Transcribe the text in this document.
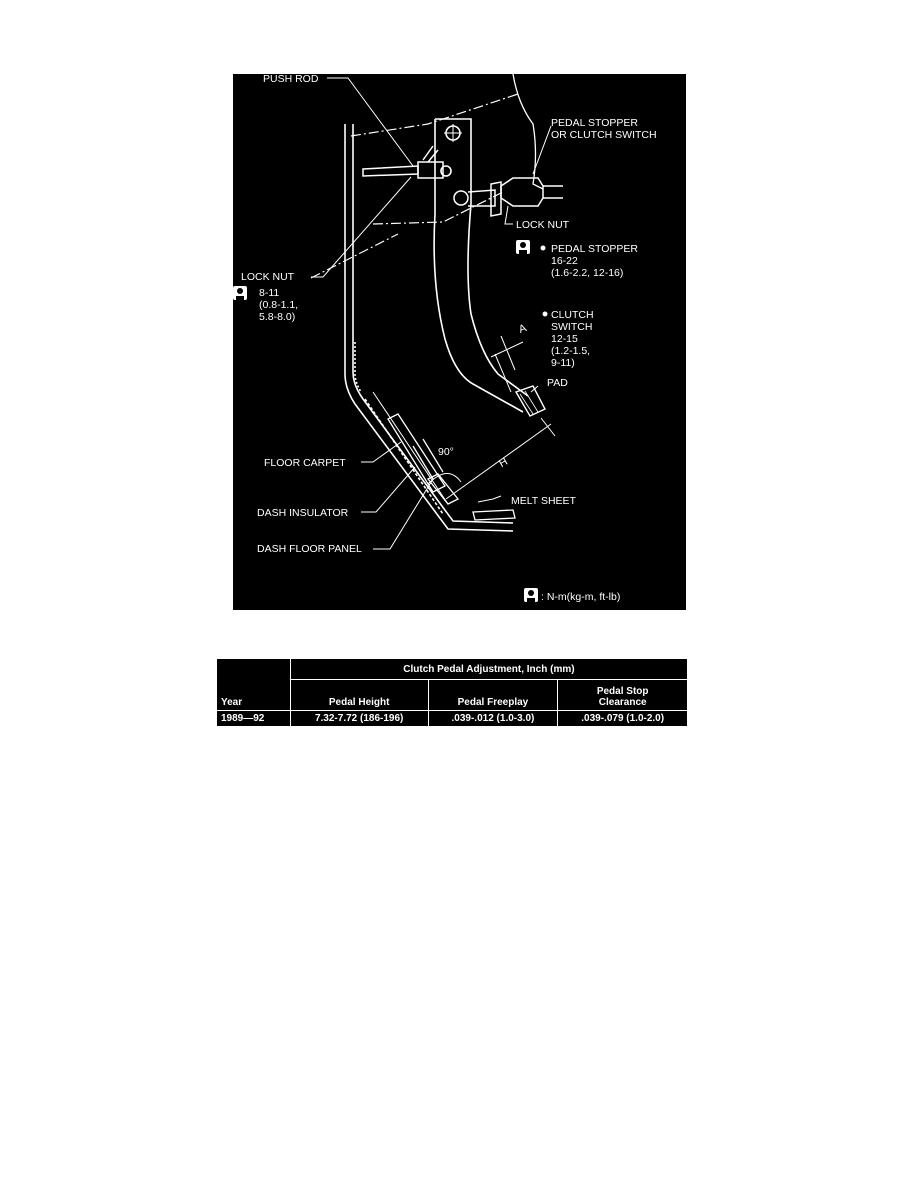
PUSH ROD
PEDAL STOPPER
OR CLUTCH SWITCH
LOCK NUT
PEDAL STOPPER
16-22
(1.6-2.2, 12-16)
LOCK NUT
8-11
(0.8-1.1,
5.8-8.0)	CLUTCH
SWITCH
12-15
(1.2-1.5,
9-11)
A
PAD
90°
H
FLOOR CARPET
MELT SHEET
DASH INSULATOR
DASH FLOOR PANEL
: N-m(kg-m, ft-lb)
Year	Clutch Pedal Adjustment, Inch (mm)		
	Pedal Height	Pedal Freeplay	Pedal Stop
Clearance
1989—92	7.32-7.72 (186-196)	.039-.012 (1.0-3.0)	.039-.079 (1.0-2.0)
